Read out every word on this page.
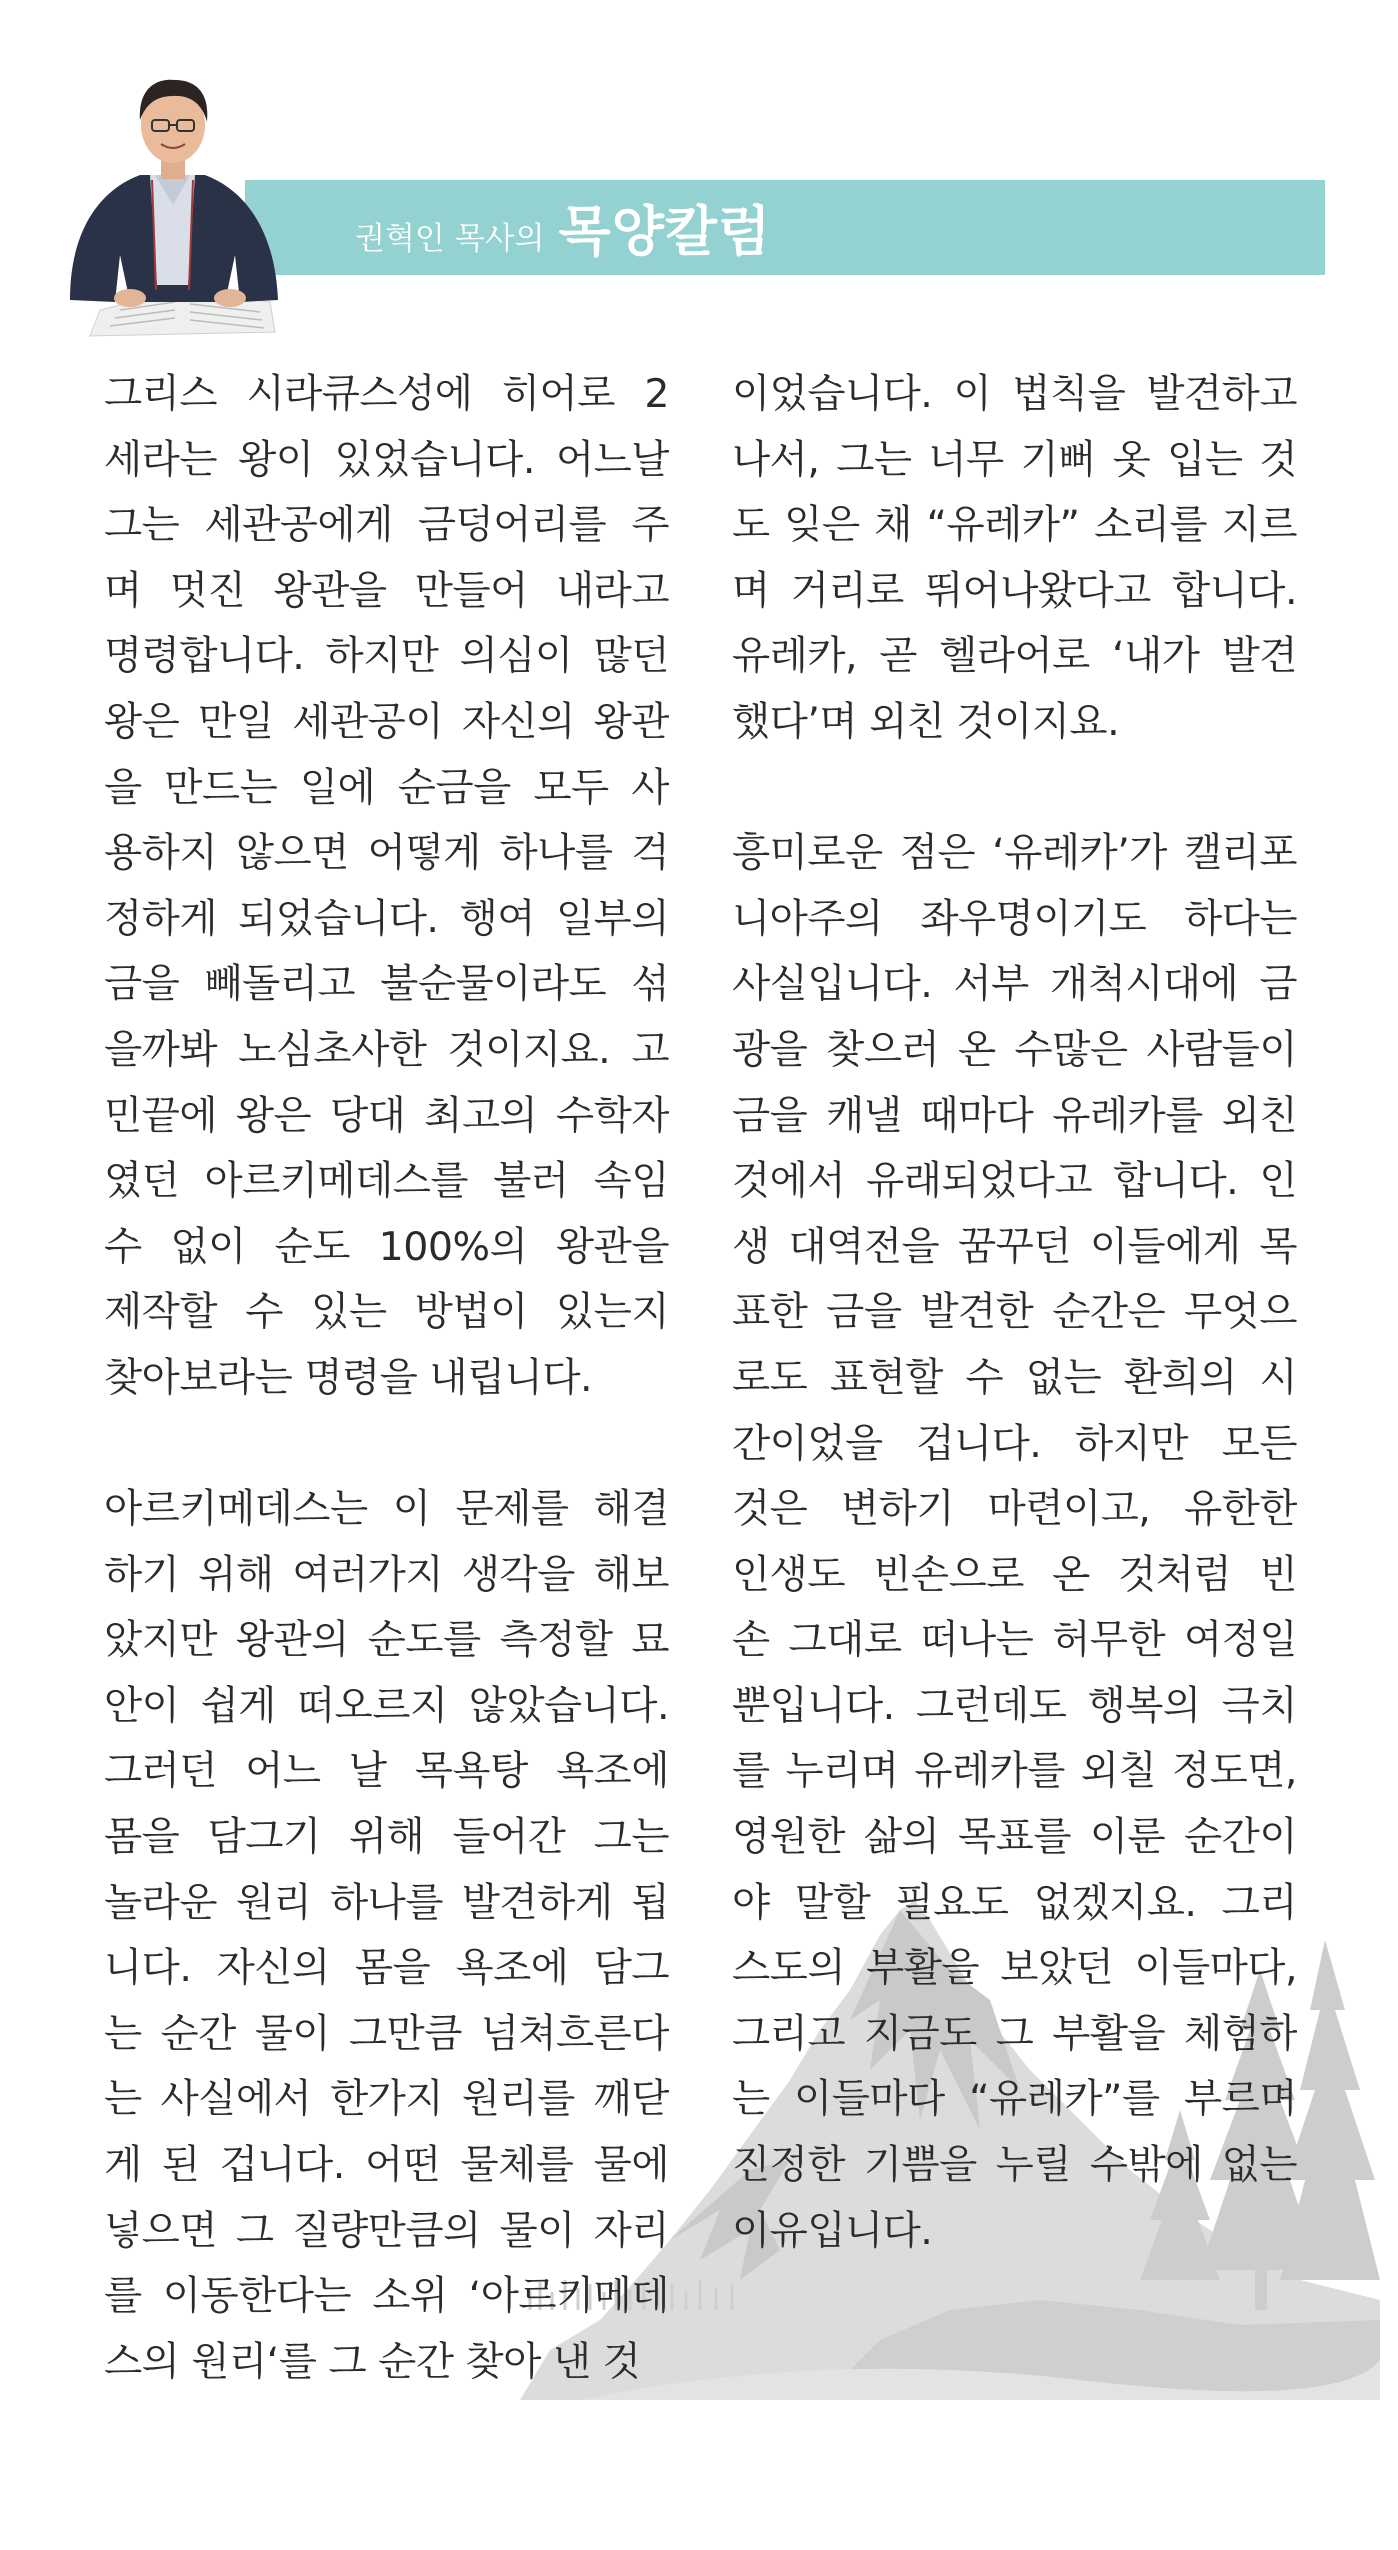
권혁인 목사의 목양칼럼
그리스 시라큐스성에 히어로 2
세라는 왕이 있었습니다. 어느날
그는 세관공에게 금덩어리를 주
며 멋진 왕관을 만들어 내라고
명령합니다. 하지만 의심이 많던
왕은 만일 세관공이 자신의 왕관
을 만드는 일에 순금을 모두 사
용하지 않으면 어떻게 하나를 걱
정하게 되었습니다. 행여 일부의
금을 빼돌리고 불순물이라도 섞
을까봐 노심초사한 것이지요. 고
민끝에 왕은 당대 최고의 수학자
였던 아르키메데스를 불러 속임
수 없이 순도 100%의 왕관을
제작할 수 있는 방법이 있는지
찾아보라는 명령을 내립니다.
아르키메데스는 이 문제를 해결
하기 위해 여러가지 생각을 해보
았지만 왕관의 순도를 측정할 묘
안이 쉽게 떠오르지 않았습니다.
그러던 어느 날 목욕탕 욕조에
몸을 담그기 위해 들어간 그는
놀라운 원리 하나를 발견하게 됩
니다. 자신의 몸을 욕조에 담그
는 순간 물이 그만큼 넘쳐흐른다
는 사실에서 한가지 원리를 깨닫
게 된 겁니다. 어떤 물체를 물에
넣으면 그 질량만큼의 물이 자리
를 이동한다는 소위 ‘아르키메데
스의 원리‘를 그 순간 찾아 낸 것
이었습니다. 이 법칙을 발견하고
나서, 그는 너무 기뻐 옷 입는 것
도 잊은 채 “유레카” 소리를 지르
며 거리로 뛰어나왔다고 합니다.
유레카, 곧 헬라어로 ‘내가 발견
했다’며 외친 것이지요.
흥미로운 점은 ‘유레카’가 캘리포
니아주의 좌우명이기도 하다는
사실입니다. 서부 개척시대에 금
광을 찾으러 온 수많은 사람들이
금을 캐낼 때마다 유레카를 외친
것에서 유래되었다고 합니다. 인
생 대역전을 꿈꾸던 이들에게 목
표한 금을 발견한 순간은 무엇으
로도 표현할 수 없는 환희의 시
간이었을 겁니다. 하지만 모든
것은 변하기 마련이고, 유한한
인생도 빈손으로 온 것처럼 빈
손 그대로 떠나는 허무한 여정일
뿐입니다. 그런데도 행복의 극치
를 누리며 유레카를 외칠 정도면,
영원한 삶의 목표를 이룬 순간이
야 말할 필요도 없겠지요. 그리
스도의 부활을 보았던 이들마다,
그리고 지금도 그 부활을 체험하
는 이들마다 “유레카”를 부르며
진정한 기쁨을 누릴 수밖에 없는
이유입니다.
